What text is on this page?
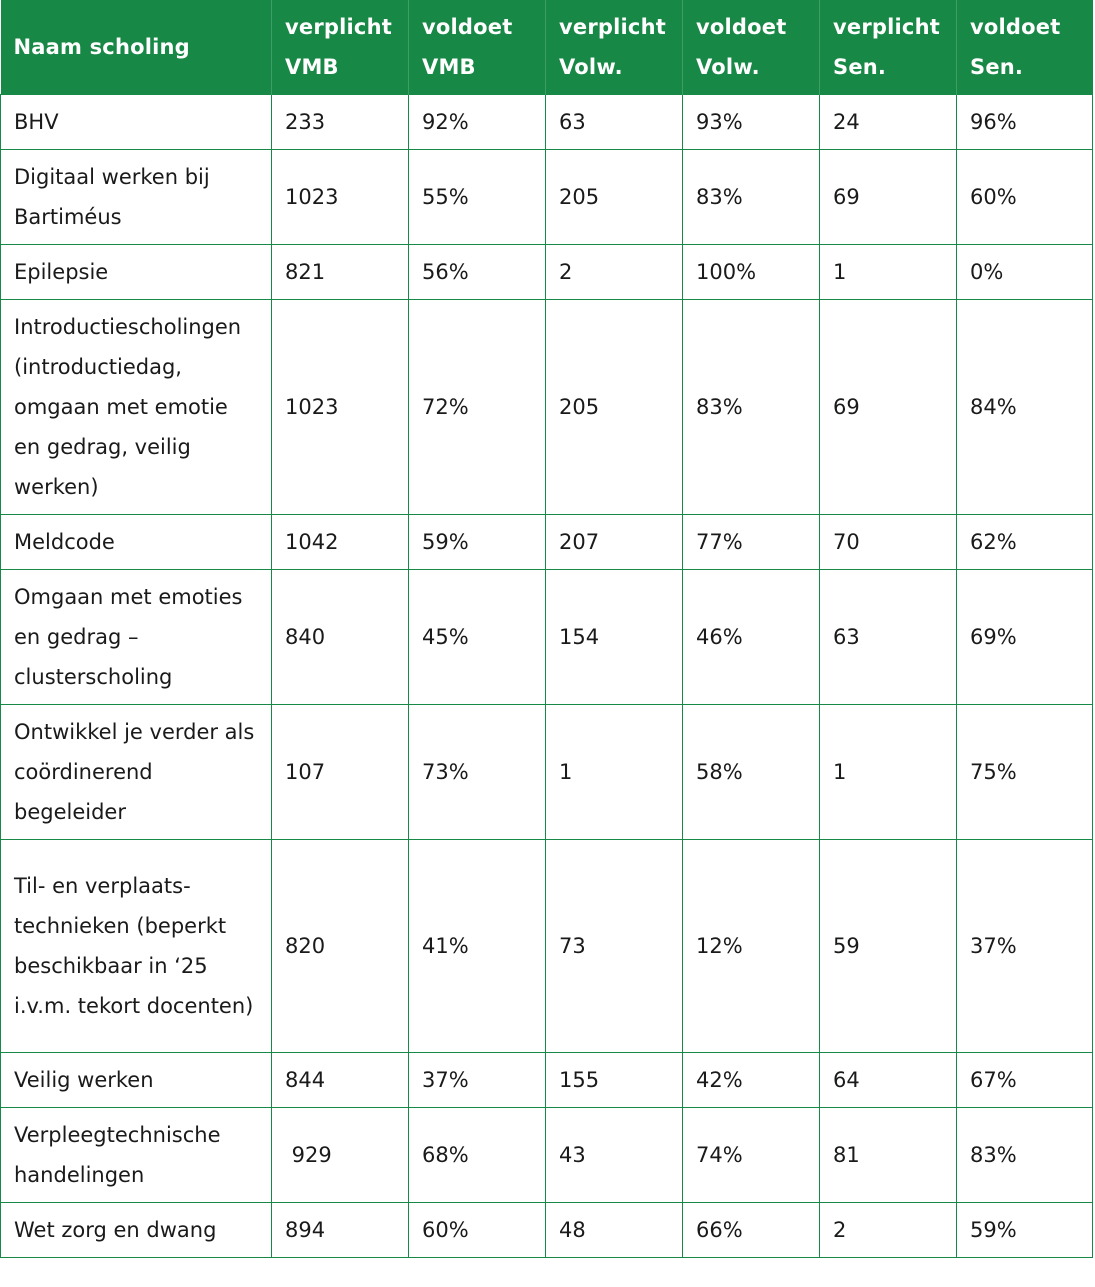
Naam scholing	verplicht VMB	voldoet VMB	verplicht Volw.	voldoet Volw.	verplicht Sen.	voldoet Sen.
BHV	233	92%	63	93%	24	96%
Digitaal werken bij Bartiméus	1023	55%	205	83%	69	60%
Epilepsie	821	56%	2	100%	1	0%
Introductiescholingen (introductiedag, omgaan met emotie en gedrag, veilig werken)	1023	72%	205	83%	69	84%
Meldcode	1042	59%	207	77%	70	62%
Omgaan met emoties en gedrag – clusterscholing	840	45%	154	46%	63	69%
Ontwikkel je verder als coördinerend begeleider	107	73%	1	58%	1	75%
Til- en verplaats-technieken (beperkt beschikbaar in ‘25 i.v.m. tekort docenten)	820	41%	73	12%	59	37%
Veilig werken	844	37%	155	42%	64	67%
Verpleegtechnische handelingen	929	68%	43	74%	81	83%
Wet zorg en dwang	894	60%	48	66%	2	59%
